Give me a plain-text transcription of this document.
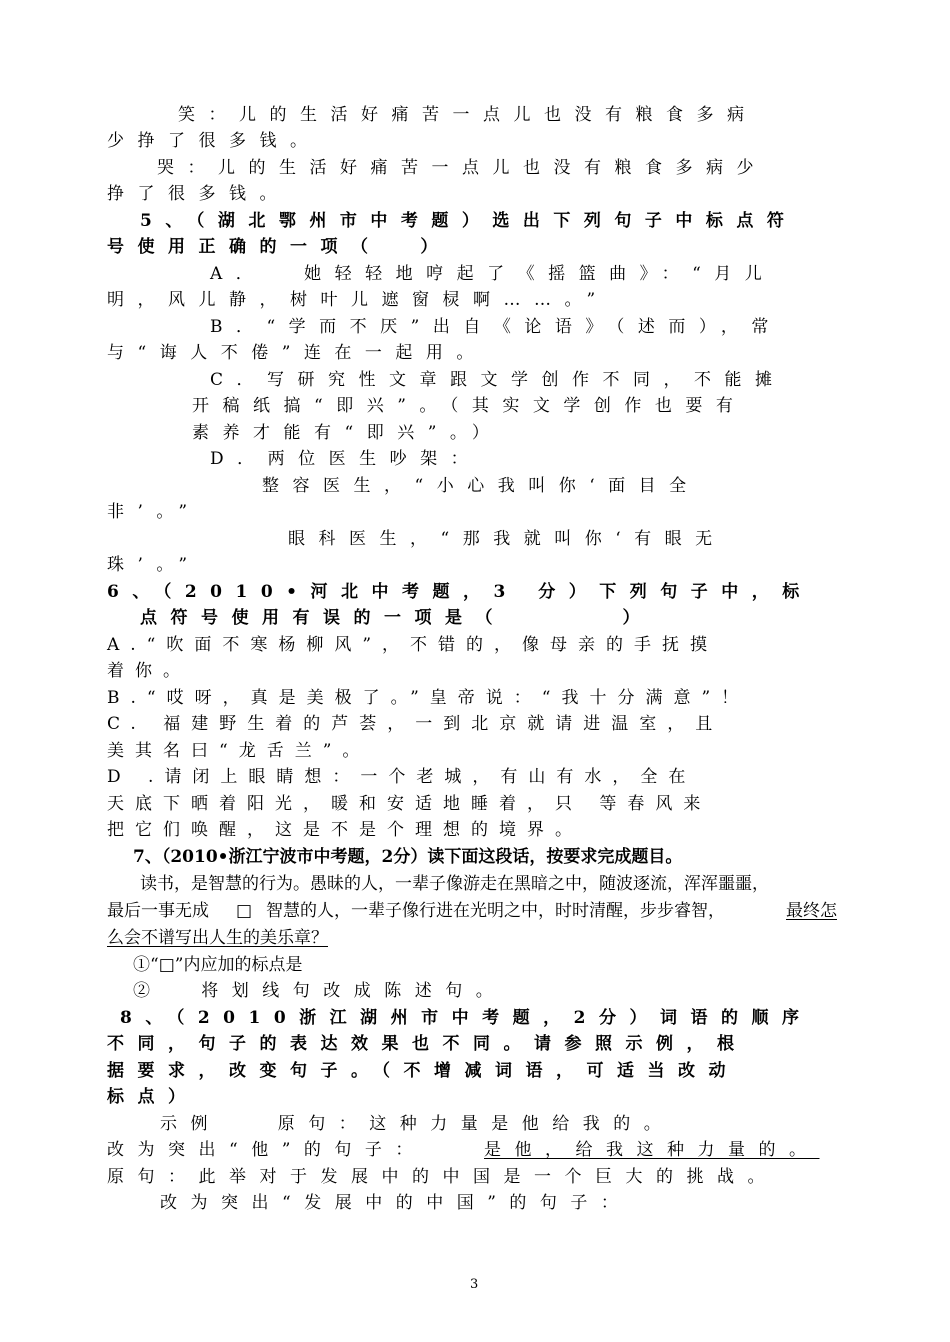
笑：儿的生活好痛苦一点儿也没有粮食多病
少挣了很多钱。
哭：儿的生活好痛苦一点儿也没有粮食多病少
挣了很多钱。
5、（湖北鄂州市中考题）选出下列句子中标点符
号使用正确的一项（  ）
A．  她轻轻地哼起了《摇篮曲》：“月儿
明，风儿静，树叶儿遮窗棂啊……。”
B．“学而不厌”出自《论语》（述而），常
与“诲人不倦”连在一起用。
C．写研究性文章跟文学创作不同，不能摊
开稿纸搞“即兴”。（其实文学创作也要有
素养才能有“即兴”。）
D．两位医生吵架：
整容医生，“小心我叫你‘面目全
非’。”
眼科医生，“那我就叫你‘有眼无
珠’。”
6、（2010•河北中考题，3 分）下列句子中，标
点符号使用有误的一项是（      ）
A.“吹面不寒杨柳风”，不错的，像母亲的手抚摸
着你。
B.“哎呀，真是美极了。”皇帝说：“我十分满意”！
C. 福建野生着的芦荟，一到北京就请进温室，且
美其名曰“龙舌兰”。
D .请闭上眼睛想：一个老城，有山有水，全在
天底下晒着阳光，暖和安适地睡着，只 等春风来
把它们唤醒，这是不是个理想的境界。
7、（2010•浙江宁波市中考题，2分）读下面这段话，按要求完成题目。
读书，是智慧的行为。愚昧的人，一辈子像游走在黑暗之中，随波逐流，浑浑噩噩，
最后一事无成 □ 智慧的人，一辈子像行进在光明之中，时时清醒，步步睿智，	最终怎
么会不谱写出人生的美乐章？
①“□”内应加的标点是
②  将划线句改成陈述句。
8、（2010浙江湖州市中考题，2分）词语的顺序
不同，句子的表达效果也不同。请参照示例，根
据要求，改变句子。（不增减词语，可适当改动
标点）
示例   原句：这种力量是他给我的。
改为突出“他”的句子：	是他，给我这种力量的。
原句：此举对于发展中的中国是一个巨大的挑战。
改为突出“发展中的中国”的句子：
3
